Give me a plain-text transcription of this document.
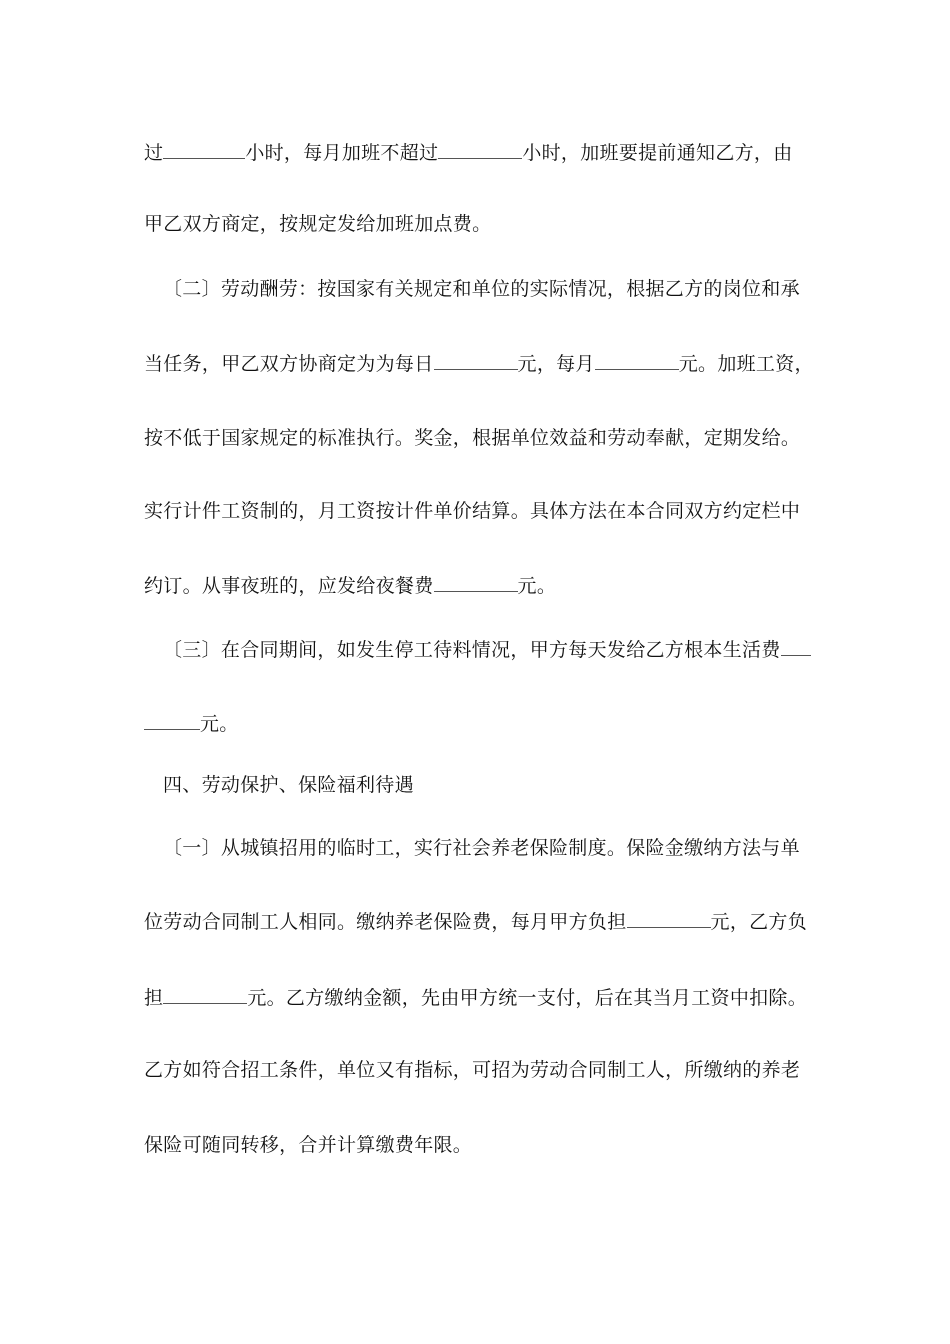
过	小时，每月加班不超过	小时，加班要提前通知乙方，由
甲乙双方商定，按规定发给加班加点费。
〔二〕劳动酬劳：按国家有关规定和单位的实际情况，根据乙方的岗位和承
当任务，甲乙双方协商定为为每日	元，每月	元。加班工资，
按不低于国家规定的标准执行。奖金，根据单位效益和劳动奉献，定期发给。
实行计件工资制的，月工资按计件单价结算。具体方法在本合同双方约定栏中
约订。从事夜班的，应发给夜餐费	元。
〔三〕在合同期间，如发生停工待料情况，甲方每天发给乙方根本生活费
元。
四、劳动保护、保险福利待遇
〔一〕从城镇招用的临时工，实行社会养老保险制度。保险金缴纳方法与单
位劳动合同制工人相同。缴纳养老保险费，每月甲方负担	元，乙方负
担	元。乙方缴纳金额，先由甲方统一支付，后在其当月工资中扣除。
乙方如符合招工条件，单位又有指标，可招为劳动合同制工人，所缴纳的养老
保险可随同转移，合并计算缴费年限。
